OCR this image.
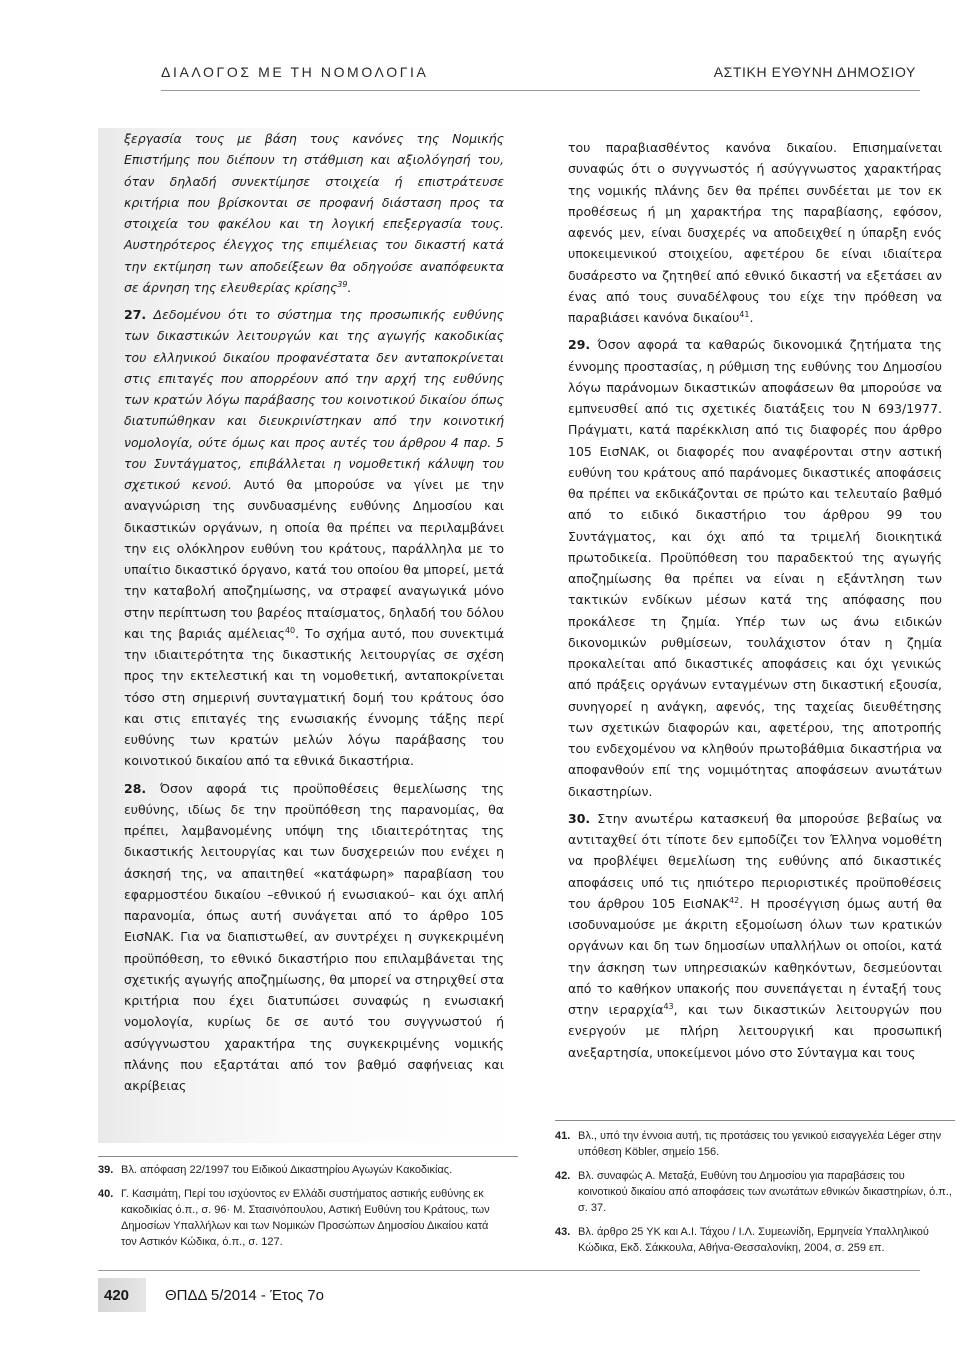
ΔΙΑΛΟΓΟΣ ΜΕ ΤΗ ΝΟΜΟΛΟΓΙΑ	ΑΣΤΙΚΗ ΕΥΘΥΝΗ ΔΗΜΟΣΙΟΥ

ξεργασία τους με βάση τους κανόνες της Νομικής Επιστήμης που διέπουν τη στάθμιση και αξιολόγησή του, όταν δηλαδή συνεκτίμησε στοιχεία ή επιστράτευσε κριτήρια που βρίσκονται σε προφανή διάσταση προς τα στοιχεία του φακέλου και τη λογική επεξεργασία τους. Αυστηρότερος έλεγχος της επιμέλειας του δικαστή κατά την εκτίμηση των αποδείξεων θα οδηγούσε αναπόφευκτα σε άρνηση της ελευθερίας κρίσης$^{39}$.

27. Δεδομένου ότι το σύστημα της προσωπικής ευθύνης των δικαστικών λειτουργών και της αγωγής κακοδικίας του ελληνικού δικαίου προφανέστατα δεν ανταποκρίνεται στις επιταγές που απορρέουν από την αρχή της ευθύνης των κρατών λόγω παράβασης του κοινοτικού δικαίου όπως διατυπώθηκαν και διευκρινίστηκαν από την κοινοτική νομολογία, ούτε όμως και προς αυτές του άρθρου 4 παρ. 5 του Συντάγματος, επιβάλλεται η νομοθετική κάλυψη του σχετικού κενού. Αυτό θα μπορούσε να γίνει με την αναγνώριση της συνδυασμένης ευθύνης Δημοσίου και δικαστικών οργάνων, η οποία θα πρέπει να περιλαμβάνει την εις ολόκληρον ευθύνη του κράτους, παράλληλα με το υπαίτιο δικαστικό όργανο, κατά του οποίου θα μπορεί, μετά την καταβολή αποζημίωσης, να στραφεί αναγωγικά μόνο στην περίπτωση του βαρέος πταίσματος, δηλαδή του δόλου και της βαριάς αμέλειας$^{40}$. Το σχήμα αυτό, που συνεκτιμά την ιδιαιτερότητα της δικαστικής λειτουργίας σε σχέση προς την εκτελεστική και τη νομοθετική, ανταποκρίνεται τόσο στη σημερινή συνταγματική δομή του κράτους όσο και στις επιταγές της ενωσιακής έννομης τάξης περί ευθύνης των κρατών μελών λόγω παράβασης του κοινοτικού δικαίου από τα εθνικά δικαστήρια.

28. Όσον αφορά τις προϋποθέσεις θεμελίωσης της ευθύνης, ιδίως δε την προϋπόθεση της παρανομίας, θα πρέπει, λαμβανομένης υπόψη της ιδιαιτερότητας της δικαστικής λειτουργίας και των δυσχερειών που ενέχει η άσκησή της, να απαιτηθεί «κατάφωρη» παραβίαση του εφαρμοστέου δικαίου –εθνικού ή ενωσιακού– και όχι απλή παρανομία, όπως αυτή συνάγεται από το άρθρο 105 ΕισΝΑΚ. Για να διαπιστωθεί, αν συντρέχει η συγκεκριμένη προϋπόθεση, το εθνικό δικαστήριο που επιλαμβάνεται της σχετικής αγωγής αποζημίωσης, θα μπορεί να στηριχθεί στα κριτήρια που έχει διατυπώσει συναφώς η ενωσιακή νομολογία, κυρίως δε σε αυτό του συγγνωστού ή ασύγγνωστου χαρακτήρα της συγκεκριμένης νομικής πλάνης που εξαρτάται από τον βαθμό σαφήνειας και ακρίβειας

του παραβιασθέντος κανόνα δικαίου. Επισημαίνεται συναφώς ότι ο συγγνωστός ή ασύγγνωστος χαρακτήρας της νομικής πλάνης δεν θα πρέπει συνδέεται με τον εκ προθέσεως ή μη χαρακτήρα της παραβίασης, εφόσον, αφενός μεν, είναι δυσχερές να αποδειχθεί η ύπαρξη ενός υποκειμενικού στοιχείου, αφετέρου δε είναι ιδιαίτερα δυσάρεστο να ζητηθεί από εθνικό δικαστή να εξετάσει αν ένας από τους συναδέλφους του είχε την πρόθεση να παραβιάσει κανόνα δικαίου$^{41}$.

29. Όσον αφορά τα καθαρώς δικονομικά ζητήματα της έννομης προστασίας, η ρύθμιση της ευθύνης του Δημοσίου λόγω παράνομων δικαστικών αποφάσεων θα μπορούσε να εμπνευσθεί από τις σχετικές διατάξεις του Ν 693/1977. Πράγματι, κατά παρέκκλιση από τις διαφορές που άρθρο 105 ΕισΝΑΚ, οι διαφορές που αναφέρονται στην αστική ευθύνη του κράτους από παράνομες δικαστικές αποφάσεις θα πρέπει να εκδικάζονται σε πρώτο και τελευταίο βαθμό από το ειδικό δικαστήριο του άρθρου 99 του Συντάγματος, και όχι από τα τριμελή διοικητικά πρωτοδικεία. Προϋπόθεση του παραδεκτού της αγωγής αποζημίωσης θα πρέπει να είναι η εξάντληση των τακτικών ενδίκων μέσων κατά της απόφασης που προκάλεσε τη ζημία. Υπέρ των ως άνω ειδικών δικονομικών ρυθμίσεων, τουλάχιστον όταν η ζημία προκαλείται από δικαστικές αποφάσεις και όχι γενικώς από πράξεις οργάνων ενταγμένων στη δικαστική εξουσία, συνηγορεί η ανάγκη, αφενός, της ταχείας διευθέτησης των σχετικών διαφορών και, αφετέρου, της αποτροπής του ενδεχομένου να κληθούν πρωτοβάθμια δικαστήρια να αποφανθούν επί της νομιμότητας αποφάσεων ανωτάτων δικαστηρίων.

30. Στην ανωτέρω κατασκευή θα μπορούσε βεβαίως να αντιταχθεί ότι τίποτε δεν εμποδίζει τον Έλληνα νομοθέτη να προβλέψει θεμελίωση της ευθύνης από δικαστικές αποφάσεις υπό τις ηπιότερο περιοριστικές προϋποθέσεις του άρθρου 105 ΕισΝΑΚ$^{42}$. Η προσέγγιση όμως αυτή θα ισοδυναμούσε με άκριτη εξομοίωση όλων των κρατικών οργάνων και δη των δημοσίων υπαλλήλων οι οποίοι, κατά την άσκηση των υπηρεσιακών καθηκόντων, δεσμεύονται από το καθήκον υπακοής που συνεπάγεται η ένταξή τους στην ιεραρχία$^{43}$, και των δικαστικών λειτουργών που ενεργούν με πλήρη λειτουργική και προσωπική ανεξαρτησία, υποκείμενοι μόνο στο Σύνταγμα και τους

39. Βλ. απόφαση 22/1997 του Ειδικού Δικαστηρίου Αγωγών Κακοδικίας.
40. Γ. Κασιμάτη, Περί του ισχύοντος εν Ελλάδι συστήματος αστικής ευθύνης εκ κακοδικίας ό.π., σ. 96· Μ. Στασινόπουλου, Αστική Ευθύνη του Κράτους, των Δημοσίων Υπαλλήλων και των Νομικών Προσώπων Δημοσίου Δικαίου κατά τον Αστικόν Κώδικα, ό.π., σ. 127.
41. Βλ., υπό την έννοια αυτή, τις προτάσεις του γενικού εισαγγελέα Léger στην υπόθεση Köbler, σημείο 156.
42. Βλ. συναφώς Α. Μεταξά, Ευθύνη του Δημοσίου για παραβάσεις του κοινοτικού δικαίου από αποφάσεις των ανωτάτων εθνικών δικαστηρίων, ό.π., σ. 37.
43. Βλ. άρθρο 25 ΥΚ και Α.Ι. Τάχου / Ι.Λ. Συμεωνίδη, Ερμηνεία Υπαλληλικού Κώδικα, Εκδ. Σάκκουλα, Αθήνα-Θεσσαλονίκη, 2004, σ. 259 επ.
420 ΘΠΔΔ 5/2014 - Έτος 7ο
